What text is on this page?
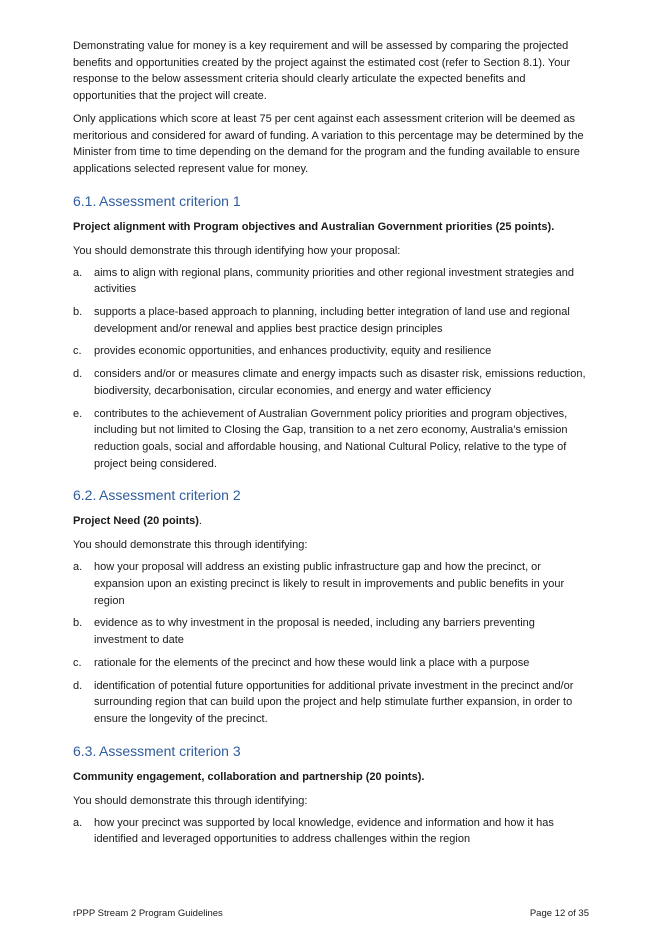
Demonstrating value for money is a key requirement and will be assessed by comparing the projected benefits and opportunities created by the project against the estimated cost (refer to Section 8.1). Your response to the below assessment criteria should clearly articulate the expected benefits and opportunities that the project will create.

Only applications which score at least 75 per cent against each assessment criterion will be deemed as meritorious and considered for award of funding. A variation to this percentage may be determined by the Minister from time to time depending on the demand for the program and the funding available to ensure applications selected represent value for money.

6.1. Assessment criterion 1

Project alignment with Program objectives and Australian Government priorities (25 points).

You should demonstrate this through identifying how your proposal:

a.	aims to align with regional plans, community priorities and other regional investment strategies and activities
b.	supports a place-based approach to planning, including better integration of land use and regional development and/or renewal and applies best practice design principles
c.	provides economic opportunities, and enhances productivity, equity and resilience
d.	considers and/or or measures climate and energy impacts such as disaster risk, emissions reduction, biodiversity, decarbonisation, circular economies, and energy and water efficiency
e.	contributes to the achievement of Australian Government policy priorities and program objectives, including but not limited to Closing the Gap, transition to a net zero economy, Australia’s emission reduction goals, social and affordable housing, and National Cultural Policy, relative to the type of project being considered.
6.2. Assessment criterion 2

Project Need (20 points).

You should demonstrate this through identifying:

a.	how your proposal will address an existing public infrastructure gap and how the precinct, or expansion upon an existing precinct is likely to result in improvements and public benefits in your region
b.	evidence as to why investment in the proposal is needed, including any barriers preventing investment to date
c.	rationale for the elements of the precinct and how these would link a place with a purpose
d.	identification of potential future opportunities for additional private investment in the precinct and/or surrounding region that can build upon the project and help stimulate further expansion, in order to ensure the longevity of the precinct.
6.3. Assessment criterion 3

Community engagement, collaboration and partnership (20 points).

You should demonstrate this through identifying:

a.	how your precinct was supported by local knowledge, evidence and information and how it has identified and leveraged opportunities to address challenges within the region
rPPP Stream 2 Program Guidelines	Page 12 of 35
